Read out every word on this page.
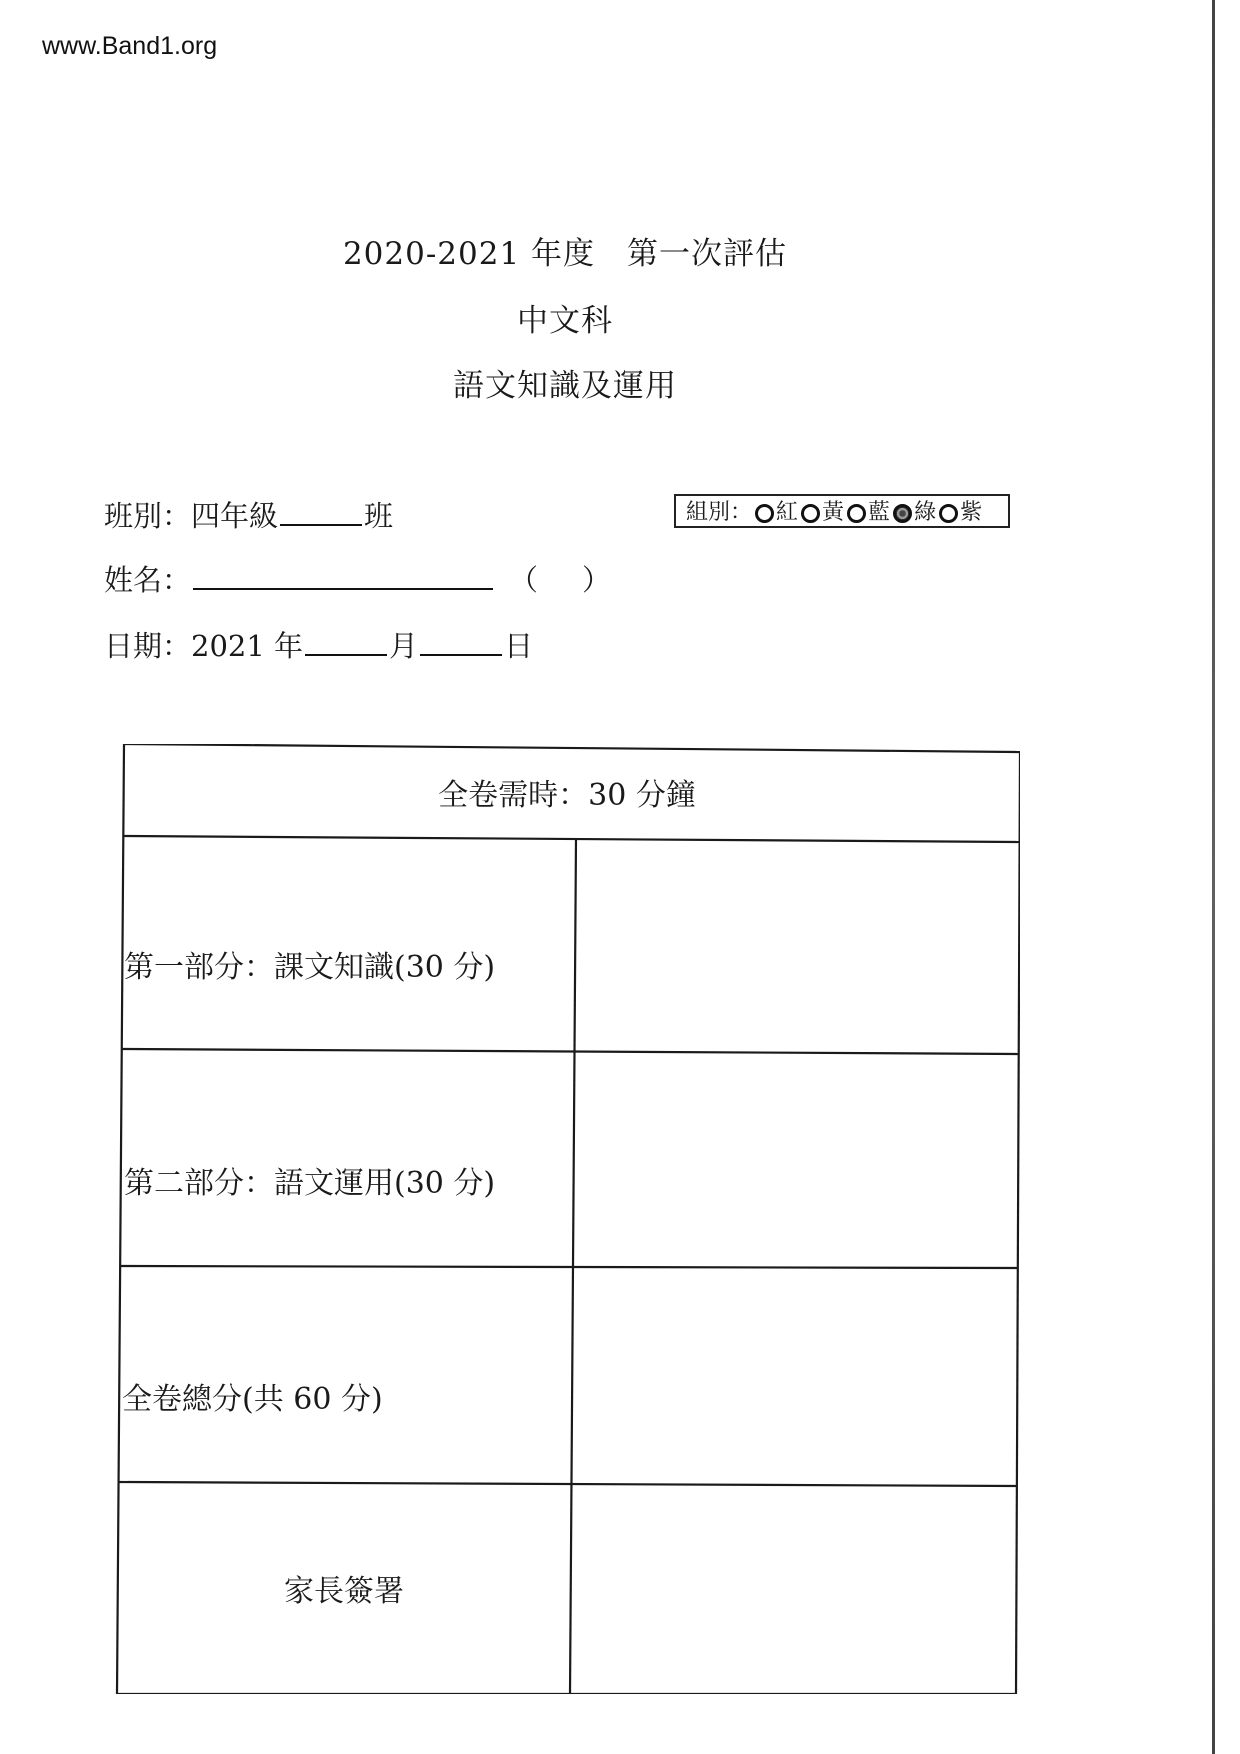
www.Band1.org
2020-2021 年度　第一次評估
中文科
語文知識及運用
班別：四年級	班	組別： 紅 黃 藍 綠 紫
姓名：	（ ）
日期：2021 年	月	日
全卷需時：30 分鐘
第一部分：課文知識(30 分)
第二部分：語文運用(30 分)
全卷總分(共 60 分)
家長簽署
